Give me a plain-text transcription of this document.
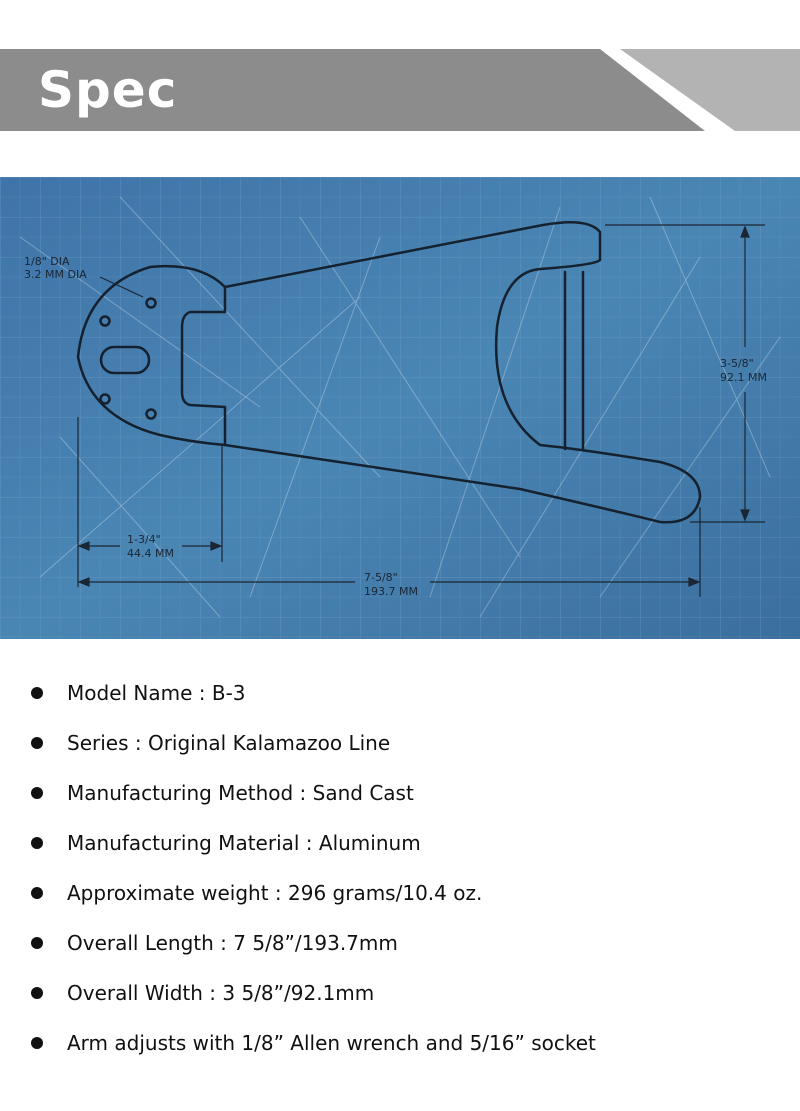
Spec
1/8" DIA
3.2 MM DIA
3-5/8"
92.1 MM
1-3/4"
44.4 MM
7-5/8"
193.7 MM
Model Name : B-3
Series : Original Kalamazoo Line
Manufacturing Method : Sand Cast
Manufacturing Material : Aluminum
Approximate weight : 296 grams/10.4 oz.
Overall Length : 7 5/8”/193.7mm
Overall Width : 3 5/8”/92.1mm
Arm adjusts with 1/8” Allen wrench and 5/16” socket
